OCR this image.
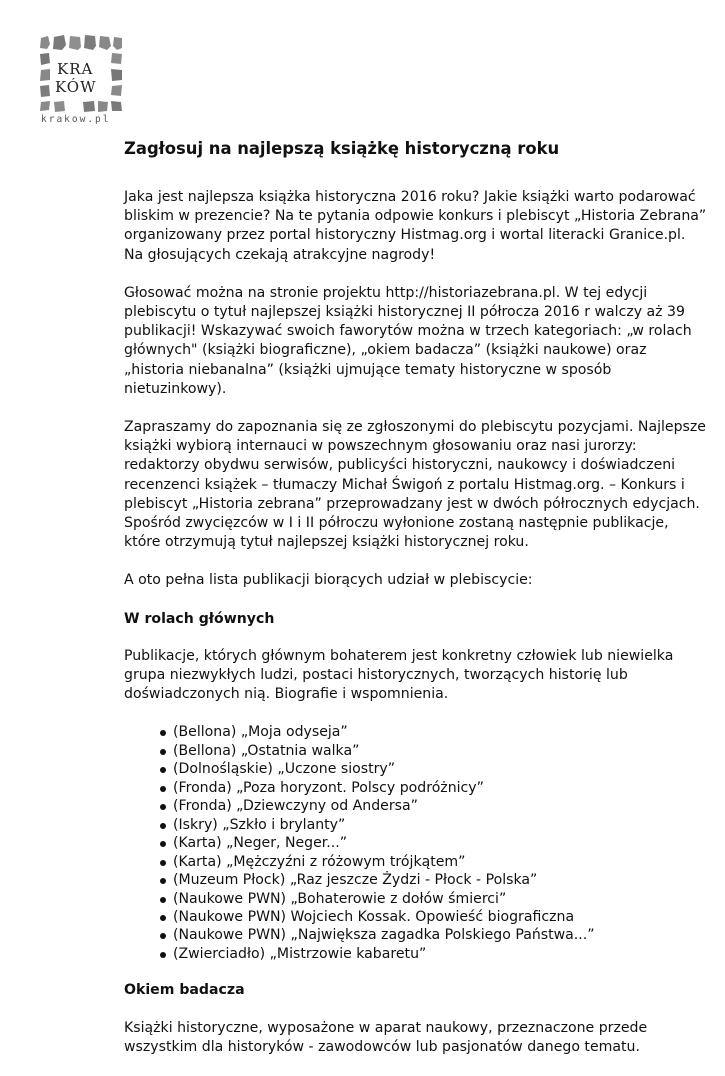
KRA
KÓW
krakow.pl
Zagłosuj na najlepszą książkę historyczną roku

Jaka jest najlepsza książka historyczna 2016 roku? Jakie książki warto podarować bliskim w prezencie? Na te pytania odpowie konkurs i plebiscyt „Historia Zebrana” organizowany przez portal historyczny Histmag.org i wortal literacki Granice.pl. Na głosujących czekają atrakcyjne nagrody!

Głosować można na stronie projektu http://historiazebrana.pl. W tej edycji plebiscytu o tytuł najlepszej książki historycznej II półrocza 2016 r walczy aż 39 publikacji! Wskazywać swoich faworytów można w trzech kategoriach: „w rolach głównych" (książki biograficzne), „okiem badacza” (książki naukowe) oraz „historia niebanalna” (książki ujmujące tematy historyczne w sposób nietuzinkowy).

Zapraszamy do zapoznania się ze zgłoszonymi do plebiscytu pozycjami. Najlepsze książki wybiorą internauci w powszechnym głosowaniu oraz nasi jurorzy: redaktorzy obydwu serwisów, publicyści historyczni, naukowcy i doświadczeni recenzenci książek – tłumaczy Michał Świgoń z portalu Histmag.org. – Konkurs i plebiscyt „Historia zebrana” przeprowadzany jest w dwóch półrocznych edycjach. Spośród zwycięzców w I i II półroczu wyłonione zostaną następnie publikacje, które otrzymują tytuł najlepszej książki historycznej roku.

A oto pełna lista publikacji biorących udział w plebiscycie:

W rolach głównych

Publikacje, których głównym bohaterem jest konkretny człowiek lub niewielka grupa niezwykłych ludzi, postaci historycznych, tworzących historię lub doświadczonych nią. Biografie i wspomnienia.

(Bellona) „Moja odyseja”
(Bellona) „Ostatnia walka”
(Dolnośląskie) „Uczone siostry”
(Fronda) „Poza horyzont. Polscy podróżnicy”
(Fronda) „Dziewczyny od Andersa”
(Iskry) „Szkło i brylanty”
(Karta) „Neger, Neger...”
(Karta) „Mężczyźni z różowym trójkątem”
(Muzeum Płock) „Raz jeszcze Żydzi - Płock - Polska”
(Naukowe PWN) „Bohaterowie z dołów śmierci”
(Naukowe PWN) Wojciech Kossak. Opowieść biograficzna
(Naukowe PWN) „Największa zagadka Polskiego Państwa...”
(Zwierciadło) „Mistrzowie kabaretu”
Okiem badacza

Książki historyczne, wyposażone w aparat naukowy, przeznaczone przede wszystkim dla historyków - zawodowców lub pasjonatów danego tematu.
